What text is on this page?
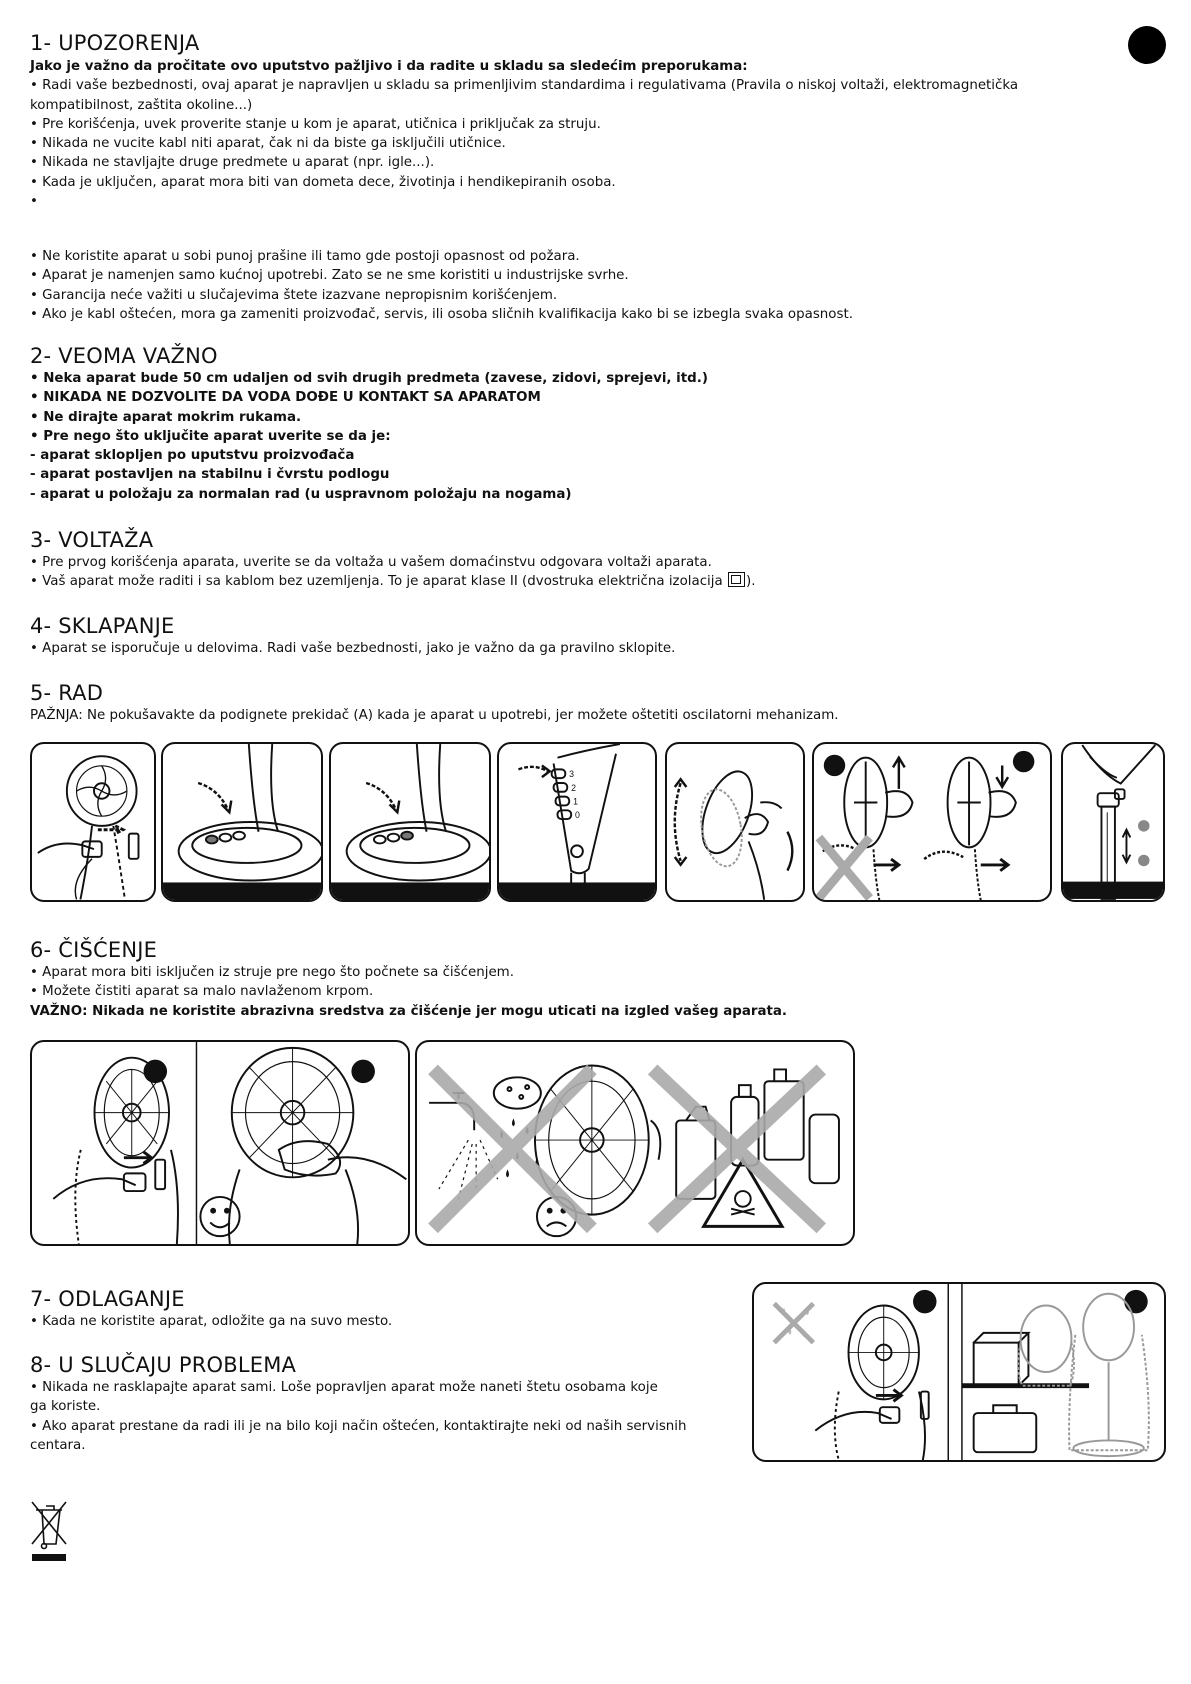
1- UPOZORENJA

Jako je važno da pročitate ovo uputstvo pažljivo i da radite u skladu sa sledećim preporukama:

• Radi vaše bezbednosti, ovaj aparat je napravljen u skladu sa primenljivim standardima i regulativama (Pravila o niskoj voltaži, elektromagnetička

kompatibilnost, zaštita okoline...)

• Pre korišćenja, uvek proverite stanje u kom je aparat, utičnica i priključak za struju.

• Nikada ne vucite kabl niti aparat, čak ni da biste ga isključili utičnice.

• Nikada ne stavljajte druge predmete u aparat (npr. igle...).

• Kada je uključen, aparat mora biti van dometa dece, životinja i hendikepiranih osoba.

•

• Ne koristite aparat u sobi punoj prašine ili tamo gde postoji opasnost od požara.

• Aparat je namenjen samo kućnoj upotrebi. Zato se ne sme koristiti u industrijske svrhe.

• Garancija neće važiti u slučajevima štete izazvane nepropisnim korišćenjem.

• Ako je kabl oštećen, mora ga zameniti proizvođač, servis, ili osoba sličnih kvalifikacija kako bi se izbegla svaka opasnost.

2- VEOMA VAŽNO

• Neka aparat bude 50 cm udaljen od svih drugih predmeta (zavese, zidovi, sprejevi, itd.)

• NIKADA NE DOZVOLITE DA VODA DOĐE U KONTAKT SA APARATOM

• Ne dirajte aparat mokrim rukama.

• Pre nego što uključite aparat uverite se da je:

- aparat sklopljen po uputstvu proizvođača

- aparat postavljen na stabilnu i čvrstu podlogu

- aparat u položaju za normalan rad (u uspravnom položaju na nogama)

3- VOLTAŽA

• Pre prvog korišćenja aparata, uverite se da voltaža u vašem domaćinstvu odgovara voltaži aparata.

• Vaš aparat može raditi i sa kablom bez uzemljenja. To je aparat klase II (dvostruka električna izolacija ).

4- SKLAPANJE

• Aparat se isporučuje u delovima. Radi vaše bezbednosti, jako je važno da ga pravilno sklopite.

5- RAD

PAŽNJA: Ne pokušavakte da podignete prekidač (A) kada je aparat u upotrebi, jer možete oštetiti oscilatorni mehanizam.

3
2
1
0
6- ČIŠĆENJE

• Aparat mora biti isključen iz struje pre nego što počnete sa čišćenjem.

• Možete čistiti aparat sa malo navlaženom krpom.

VAŽNO: Nikada ne koristite abrazivna sredstva za čišćenje jer mogu uticati na izgled vašeg aparata.

7- ODLAGANJE

• Kada ne koristite aparat, odložite ga na suvo mesto.

8- U SLUČAJU PROBLEMA

• Nikada ne rasklapajte aparat sami. Loše popravljen aparat može naneti štetu osobama koje

ga koriste.

• Ako aparat prestane da radi ili je na bilo koji način oštećen, kontaktirajte neki od naših servisnih

centara.
